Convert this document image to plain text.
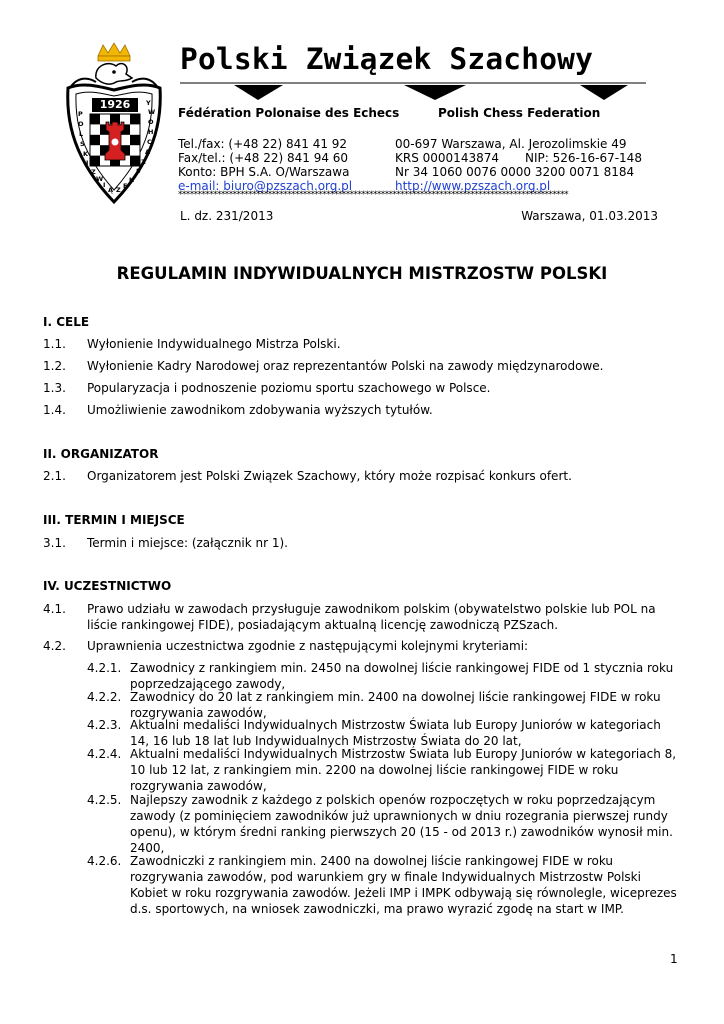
P
O
L
S
K
I
Z
W
I
Ą Z E
K
S
Z
A
C
H
O
W
Y
1926
Polski Związek Szachowy
Fédération Polonaise des Echecs	Polish Chess Federation
Tel./fax: (+48 22) 841 41 92
Fax/tel.: (+48 22) 841 94 60
Konto: BPH S.A. O/Warszawa
e-mail: biuro@pzszach.org.pl
00-697 Warszawa, Al. Jerozolimskie 49
KRS 0000143874 NIP: 526-16-67-148
Nr 34 1060 0076 0000 3200 0071 8184
http://www.pzszach.org.pl
****************************************************************************************************
L. dz. 231/2013	Warszawa, 01.03.2013
REGULAMIN INDYWIDUALNYCH MISTRZOSTW POLSKI
I. CELE
1.1. Wyłonienie Indywidualnego Mistrza Polski.
1.2. Wyłonienie Kadry Narodowej oraz reprezentantów Polski na zawody międzynarodowe.
1.3. Popularyzacja i podnoszenie poziomu sportu szachowego w Polsce.
1.4. Umożliwienie zawodnikom zdobywania wyższych tytułów.
II. ORGANIZATOR
2.1. Organizatorem jest Polski Związek Szachowy, który może rozpisać konkurs ofert.
III. TERMIN I MIEJSCE
3.1. Termin i miejsce: (załącznik nr 1).
IV. UCZESTNICTWO
4.1. Prawo udziału w zawodach przysługuje zawodnikom polskim (obywatelstwo polskie lub POL na liście rankingowej FIDE), posiadającym aktualną licencję zawodniczą PZSzach.
4.2. Uprawnienia uczestnictwa zgodnie z następującymi kolejnymi kryteriami:
4.2.1. Zawodnicy z rankingiem min. 2450 na dowolnej liście rankingowej FIDE od 1 stycznia roku poprzedzającego zawody,
4.2.2. Zawodnicy do 20 lat z rankingiem min. 2400 na dowolnej liście rankingowej FIDE w roku rozgrywania zawodów,
4.2.3. Aktualni medaliści Indywidualnych Mistrzostw Świata lub Europy Juniorów w kategoriach 14, 16 lub 18 lat lub Indywidualnych Mistrzostw Świata do 20 lat,
4.2.4. Aktualni medaliści Indywidualnych Mistrzostw Świata lub Europy Juniorów w kategoriach 8, 10 lub 12 lat, z rankingiem min. 2200 na dowolnej liście rankingowej FIDE w roku rozgrywania zawodów,
4.2.5. Najlepszy zawodnik z każdego z polskich openów rozpoczętych w roku poprzedzającym zawody (z pominięciem zawodników już uprawnionych w dniu rozegrania pierwszej rundy openu), w którym średni ranking pierwszych 20 (15 - od 2013 r.) zawodników wynosił min. 2400,
4.2.6. Zawodniczki z rankingiem min. 2400 na dowolnej liście rankingowej FIDE w roku rozgrywania zawodów, pod warunkiem gry w finale Indywidualnych Mistrzostw Polski Kobiet w roku rozgrywania zawodów. Jeżeli IMP i IMPK odbywają się równolegle, wiceprezes d.s. sportowych, na wniosek zawodniczki, ma prawo wyrazić zgodę na start w IMP.
1
